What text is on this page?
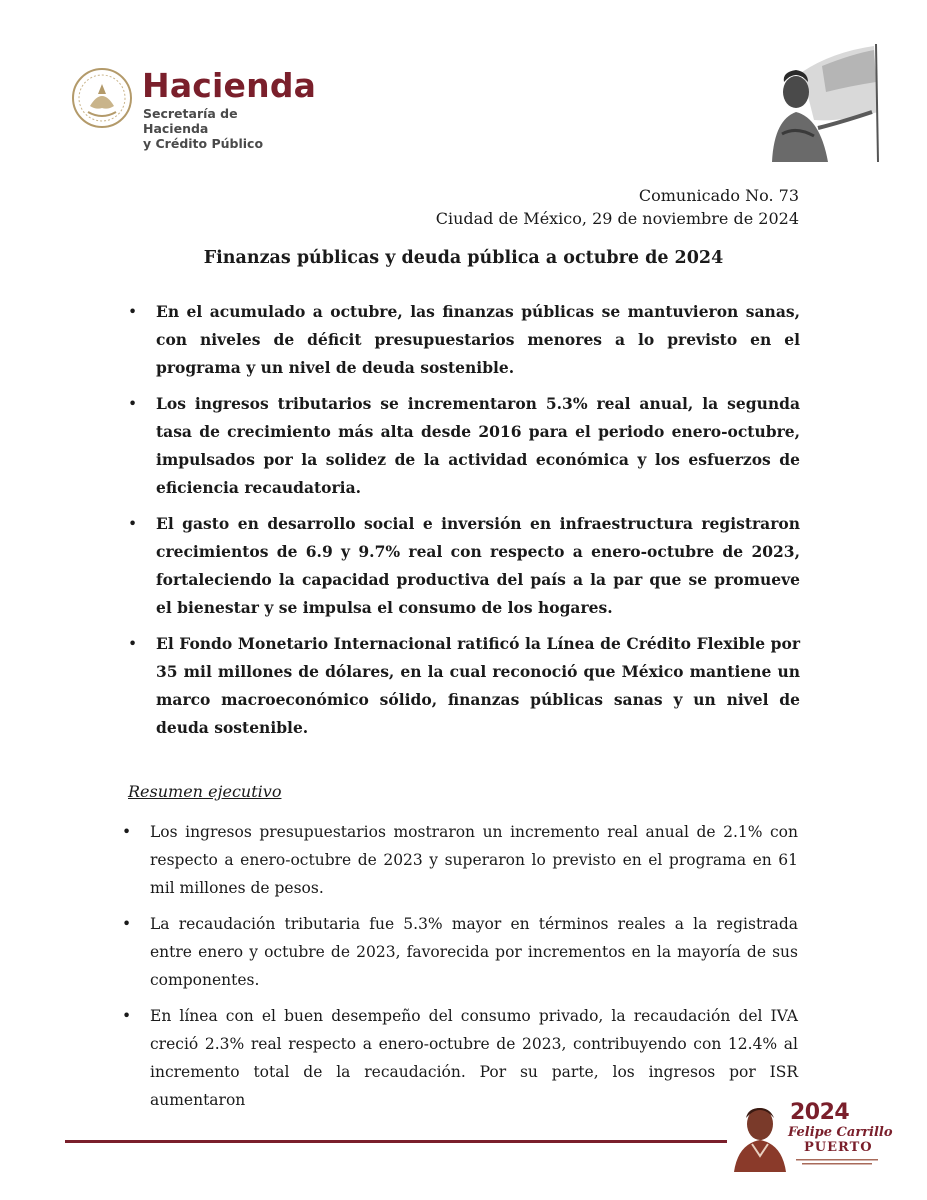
Hacienda
Secretaría de Hacienda
y Crédito Público
Comunicado No. 73
Ciudad de México, 29 de noviembre de 2024
Finanzas públicas y deuda pública a octubre de 2024
• En el acumulado a octubre, las finanzas públicas se mantuvieron sanas, con niveles de déficit presupuestarios menores a lo previsto en el programa y un nivel de deuda sostenible.
• Los ingresos tributarios se incrementaron 5.3% real anual, la segunda tasa de crecimiento más alta desde 2016 para el periodo enero-octubre, impulsados por la solidez de la actividad económica y los esfuerzos de eficiencia recaudatoria.
• El gasto en desarrollo social e inversión en infraestructura registraron crecimientos de 6.9 y 9.7% real con respecto a enero-octubre de 2023, fortaleciendo la capacidad productiva del país a la par que se promueve el bienestar y se impulsa el consumo de los hogares.
• El Fondo Monetario Internacional ratificó la Línea de Crédito Flexible por 35 mil millones de dólares, en la cual reconoció que México mantiene un marco macroeconómico sólido, finanzas públicas sanas y un nivel de deuda sostenible.
Resumen ejecutivo
• Los ingresos presupuestarios mostraron un incremento real anual de 2.1% con respecto a enero-octubre de 2023 y superaron lo previsto en el programa en 61 mil millones de pesos.
• La recaudación tributaria fue 5.3% mayor en términos reales a la registrada entre enero y octubre de 2023, favorecida por incrementos en la mayoría de sus componentes.
• En línea con el buen desempeño del consumo privado, la recaudación del IVA creció 2.3% real respecto a enero-octubre de 2023, contribuyendo con 12.4% al incremento total de la recaudación. Por su parte, los ingresos por ISR aumentaron	2024
Felipe Carrillo
PUERTO
